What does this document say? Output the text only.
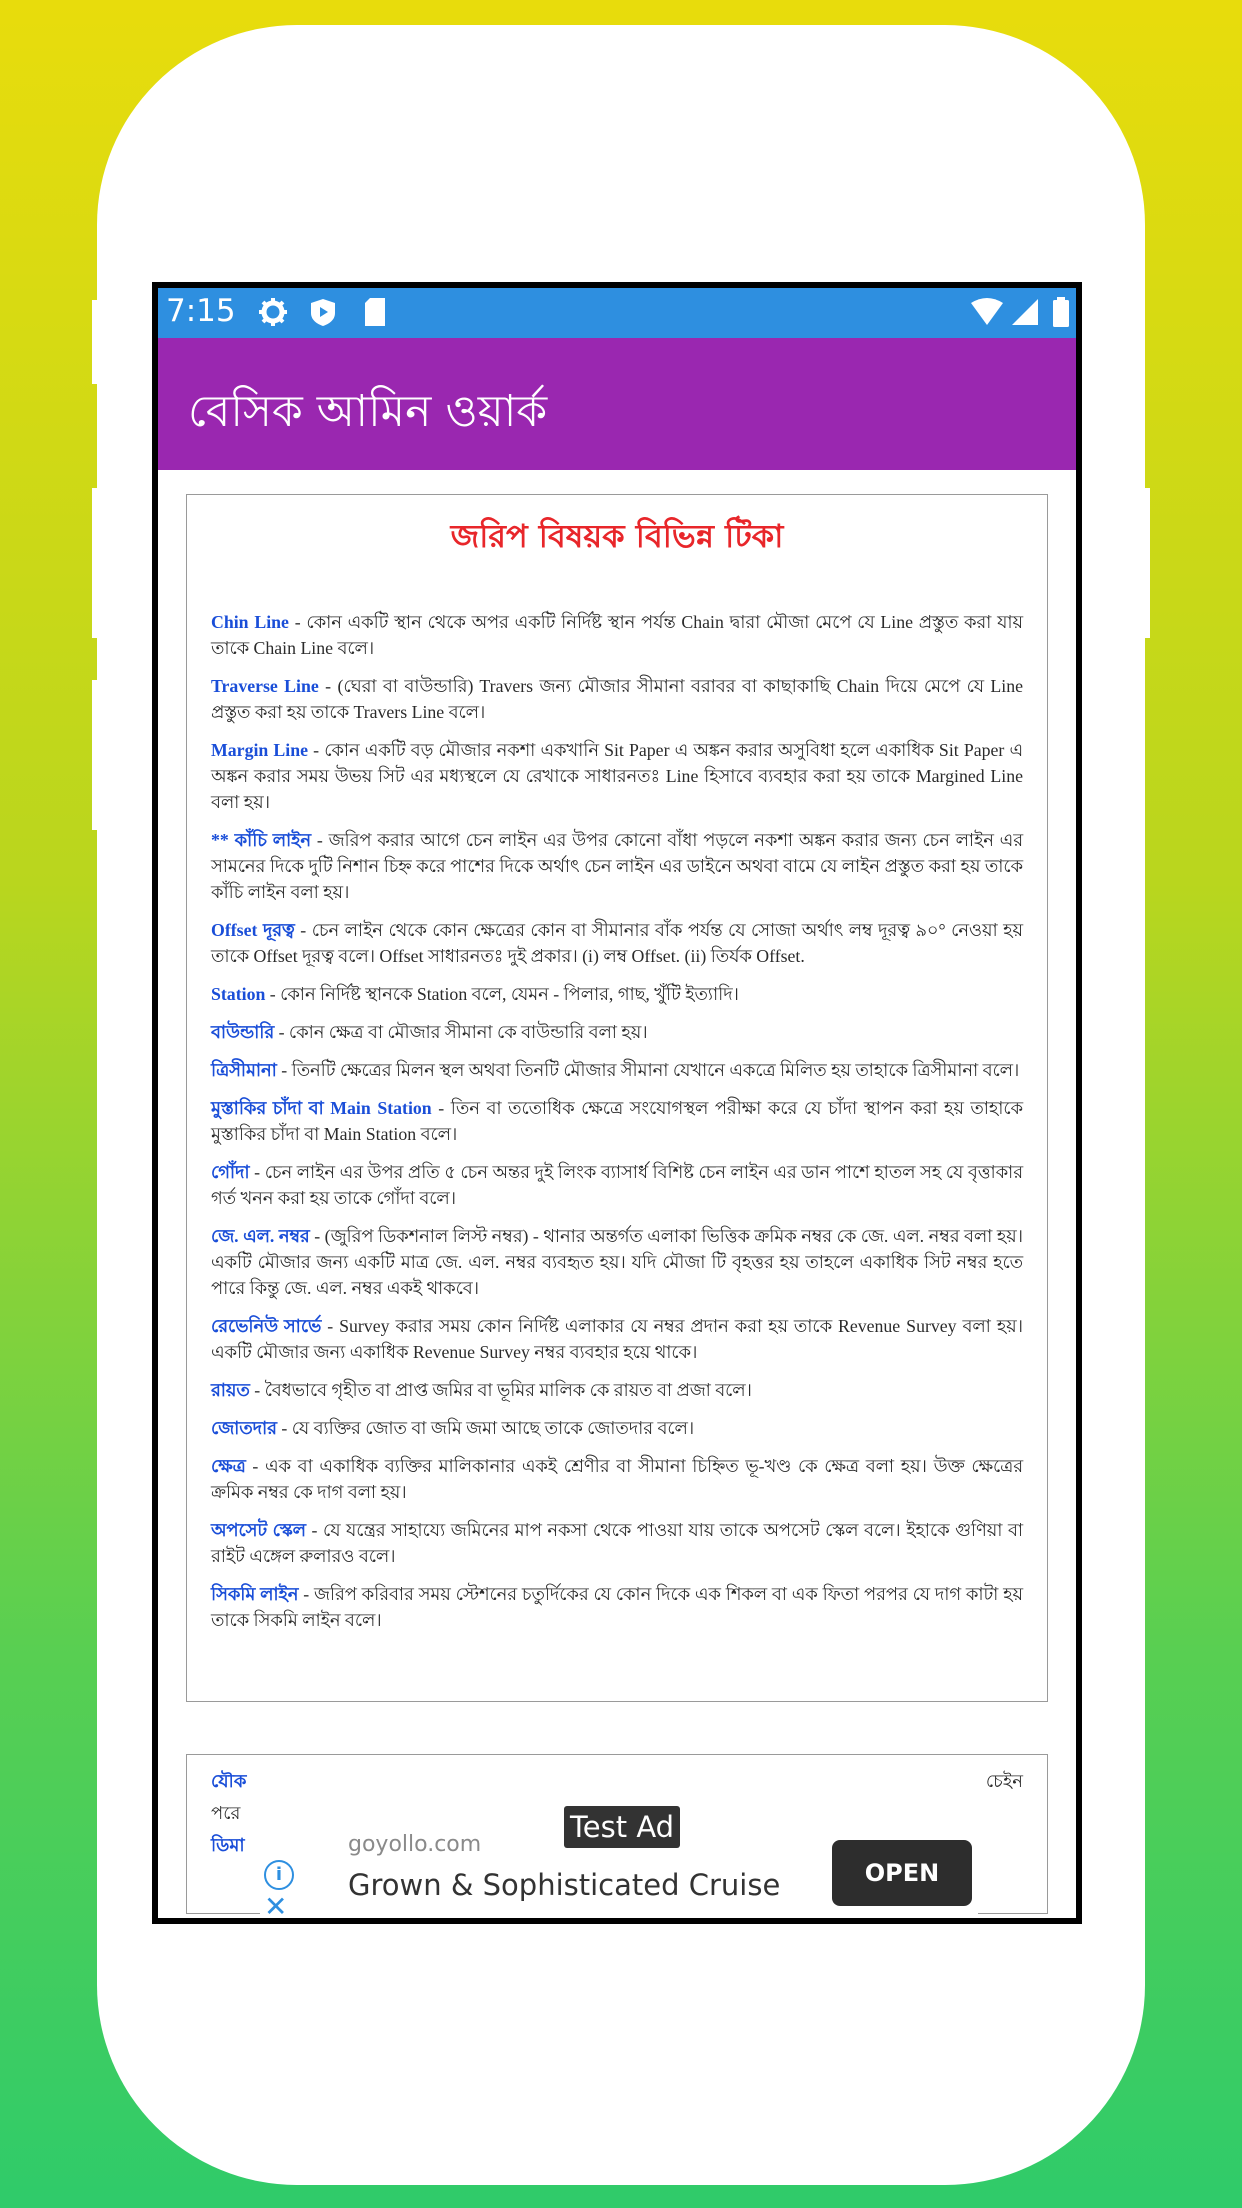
7:15
বেসিক আমিন ওয়ার্ক
জরিপ বিষয়ক বিভিন্ন টিকা

Chin Line - কোন একটি স্থান থেকে অপর একটি নির্দিষ্ট স্থান পর্যন্ত Chain দ্বারা মৌজা মেপে যে Line প্রস্তুত করা যায় তাকে Chain Line বলে।

Traverse Line - (ঘেরা বা বাউন্ডারি) Travers জন্য মৌজার সীমানা বরাবর বা কাছাকাছি Chain দিয়ে মেপে যে Line প্রস্তুত করা হয় তাকে Travers Line বলে।

Margin Line - কোন একটি বড় মৌজার নকশা একখানি Sit Paper এ অঙ্কন করার অসুবিধা হলে একাধিক Sit Paper এ অঙ্কন করার সময় উভয় সিট এর মধ্যস্থলে যে রেখাকে সাধারনতঃ Line হিসাবে ব্যবহার করা হয় তাকে Margined Line বলা হয়।

** কাঁচি লাইন - জরিপ করার আগে চেন লাইন এর উপর কোনো বাঁধা পড়লে নকশা অঙ্কন করার জন্য চেন লাইন এর সামনের দিকে দুটি নিশান চিহ্ন করে পাশের দিকে অর্থাৎ চেন লাইন এর ডাইনে অথবা বামে যে লাইন প্রস্তুত করা হয় তাকে কাঁচি লাইন বলা হয়।

Offset দূরত্ব - চেন লাইন থেকে কোন ক্ষেত্রের কোন বা সীমানার বাঁক পর্যন্ত যে সোজা অর্থাৎ লম্ব দূরত্ব ৯০° নেওয়া হয় তাকে Offset দূরত্ব বলে। Offset সাধারনতঃ দুই প্রকার। (i) লম্ব Offset. (ii) তির্যক Offset.

Station - কোন নির্দিষ্ট স্থানকে Station বলে, যেমন - পিলার, গাছ, খুঁটি ইত্যাদি।

বাউন্ডারি - কোন ক্ষেত্র বা মৌজার সীমানা কে বাউন্ডারি বলা হয়।

ত্রিসীমানা - তিনটি ক্ষেত্রের মিলন স্থল অথবা তিনটি মৌজার সীমানা যেখানে একত্রে মিলিত হয় তাহাকে ত্রিসীমানা বলে।

মুস্তাকির চাঁদা বা Main Station - তিন বা ততোধিক ক্ষেত্রে সংযোগস্থল পরীক্ষা করে যে চাঁদা স্থাপন করা হয় তাহাকে মুস্তাকির চাঁদা বা Main Station বলে।

গোঁদা - চেন লাইন এর উপর প্রতি ৫ চেন অন্তর দুই লিংক ব্যাসার্ধ বিশিষ্ট চেন লাইন এর ডান পাশে হাতল সহ যে বৃত্তাকার গর্ত খনন করা হয় তাকে গোঁদা বলে।

জে. এল. নম্বর - (জুরিপ ডিকশনাল লিস্ট নম্বর) - থানার অন্তর্গত এলাকা ভিত্তিক ক্রমিক নম্বর কে জে. এল. নম্বর বলা হয়। একটি মৌজার জন্য একটি মাত্র জে. এল. নম্বর ব্যবহৃত হয়। যদি মৌজা টি বৃহত্তর হয় তাহলে একাধিক সিট নম্বর হতে পারে কিন্তু জে. এল. নম্বর একই থাকবে।

রেভেনিউ সার্ভে - Survey করার সময় কোন নির্দিষ্ট এলাকার যে নম্বর প্রদান করা হয় তাকে Revenue Survey বলা হয়। একটি মৌজার জন্য একাধিক Revenue Survey নম্বর ব্যবহার হয়ে থাকে।

রায়ত - বৈধভাবে গৃহীত বা প্রাপ্ত জমির বা ভূমির মালিক কে রায়ত বা প্রজা বলে।

জোতদার - যে ব্যক্তির জোত বা জমি জমা আছে তাকে জোতদার বলে।

ক্ষেত্র - এক বা একাধিক ব্যক্তির মালিকানার একই শ্রেণীর বা সীমানা চিহ্নিত ভূ-খণ্ড কে ক্ষেত্র বলা হয়। উক্ত ক্ষেত্রের ক্রমিক নম্বর কে দাগ বলা হয়।

অপসেট স্কেল - যে যন্ত্রের সাহায্যে জমিনের মাপ নকসা থেকে পাওয়া যায় তাকে অপসেট স্কেল বলে। ইহাকে গুণিয়া বা রাইট এঙ্গেল রুলারও বলে।

সিকমি লাইন - জরিপ করিবার সময় স্টেশনের চতুর্দিকের যে কোন দিকে এক শিকল বা এক ফিতা পরপর যে দাগ কাটা হয় তাকে সিকমি লাইন বলে।

যৌক
পরে
ডিমা
চেইন
Test Ad
goyollo.com
Grown & Sophisticated Cruise	OPEN
i
✕
